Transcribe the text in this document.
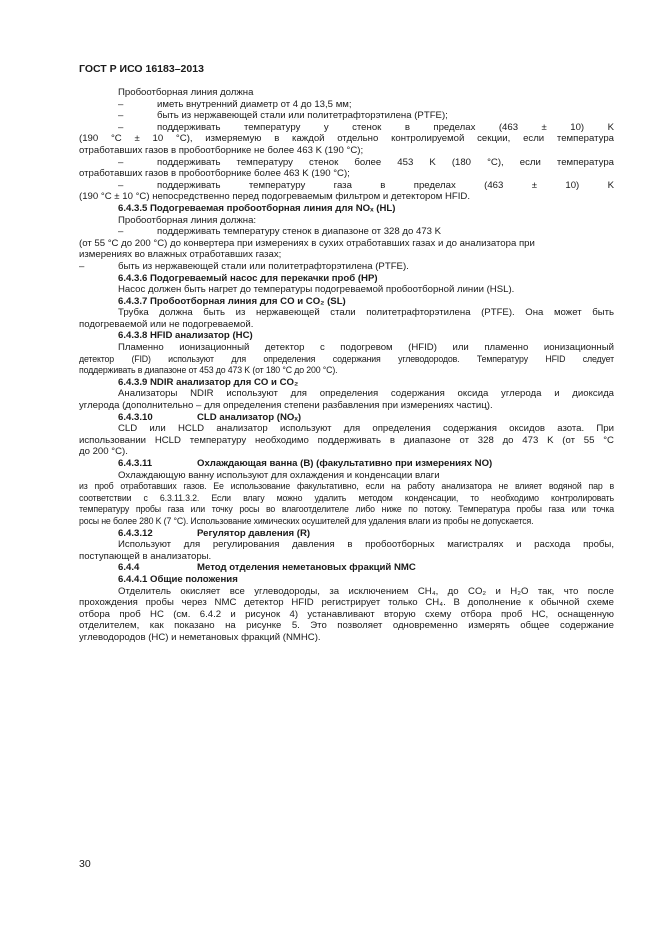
ГОСТ Р ИСО 16183–2013
Пробоотборная линия должна
–	иметь внутренний диаметр от 4 до 13,5 мм;
–	быть из нержавеющей стали или политетрафторэтилена (PTFE);
–	поддерживать температуру у стенок в пределах (463 ± 10) K
(190 °C ± 10 °C), измеряемую в каждой отдельно контролируемой секции, если температура
отработавших газов в пробоотборнике не более 463 K (190 °C);
–	поддерживать температуру стенок более 453 K (180 °C), если температура
отработавших газов в пробоотборнике более 463 K (190 °C);
–	поддерживать температуру газа в пределах (463 ± 10) K
(190 °C ± 10 °C) непосредственно перед подогреваемым фильтром и детектором HFID.
6.4.3.5 Подогреваемая пробоотборная линия для NOₓ (HL)
Пробоотборная линия должна:
–	поддерживать температуру стенок в диапазоне от 328 до 473 K
(от 55 °C до 200 °C) до конвертера при измерениях в сухих отработавших газах и до анализатора при
измерениях во влажных отработавших газах;
–	быть из нержавеющей стали или политетрафторэтилена (PTFE).
6.4.3.6 Подогреваемый насос для перекачки проб (HP)
Насос должен быть нагрет до температуры подогреваемой пробоотборной линии (HSL).
6.4.3.7 Пробоотборная линия для CO и CO₂ (SL)
Трубка должна быть из нержавеющей стали политетрафторэтилена (PTFE). Она может быть
подогреваемой или не подогреваемой.
6.4.3.8 HFID анализатор (HC)
Пламенно ионизационный детектор с подогревом (HFID) или пламенно ионизационный
детектор (FID) используют для определения содержания углеводородов. Температуру HFID следует
поддерживать в диапазоне от 453 до 473 K (от 180 °C до 200 °C).
6.4.3.9 NDIR анализатор для CO и CO₂
Анализаторы NDIR используют для определения содержания оксида углерода и диоксида
углерода (дополнительно – для определения степени разбавления при измерениях частиц).
6.4.3.10	CLD анализатор (NOₓ)
CLD или HCLD анализатор используют для определения содержания оксидов азота. При
использовании HCLD температуру необходимо поддерживать в диапазоне от 328 до 473 K (от 55 °C
до 200 °C).
6.4.3.11	Охлаждающая ванна (B) (факультативно при измерениях NO)
Охлаждающую ванну используют для охлаждения и конденсации влаги
из проб отработавших газов. Ее использование факультативно, если на работу анализатора не влияет водяной пар в
соответствии с 6.3.11.3.2. Если влагу можно удалить методом конденсации, то необходимо контролировать
температуру пробы газа или точку росы во влагоотделителе либо ниже по потоку. Температура пробы газа или точка
росы не более 280 K (7 °C). Использование химических осушителей для удаления влаги из пробы не допускается.
6.4.3.12	Регулятор давления (R)
Используют для регулирования давления в пробоотборных магистралях и расхода пробы,
поступающей в анализаторы.
6.4.4	Метод отделения неметановых фракций NMC
6.4.4.1 Общие положения
Отделитель окисляет все углеводороды, за исключением CH₄, до CO₂ и H₂O так, что после
прохождения пробы через NMC детектор HFID регистрирует только CH₄. В дополнение к обычной схеме
отбора проб HC (см. 6.4.2 и рисунок 4) устанавливают вторую схему отбора проб HC, оснащенную
отделителем, как показано на рисунке 5. Это позволяет одновременно измерять общее содержание
углеводородов (HC) и неметановых фракций (NMHC).
30
